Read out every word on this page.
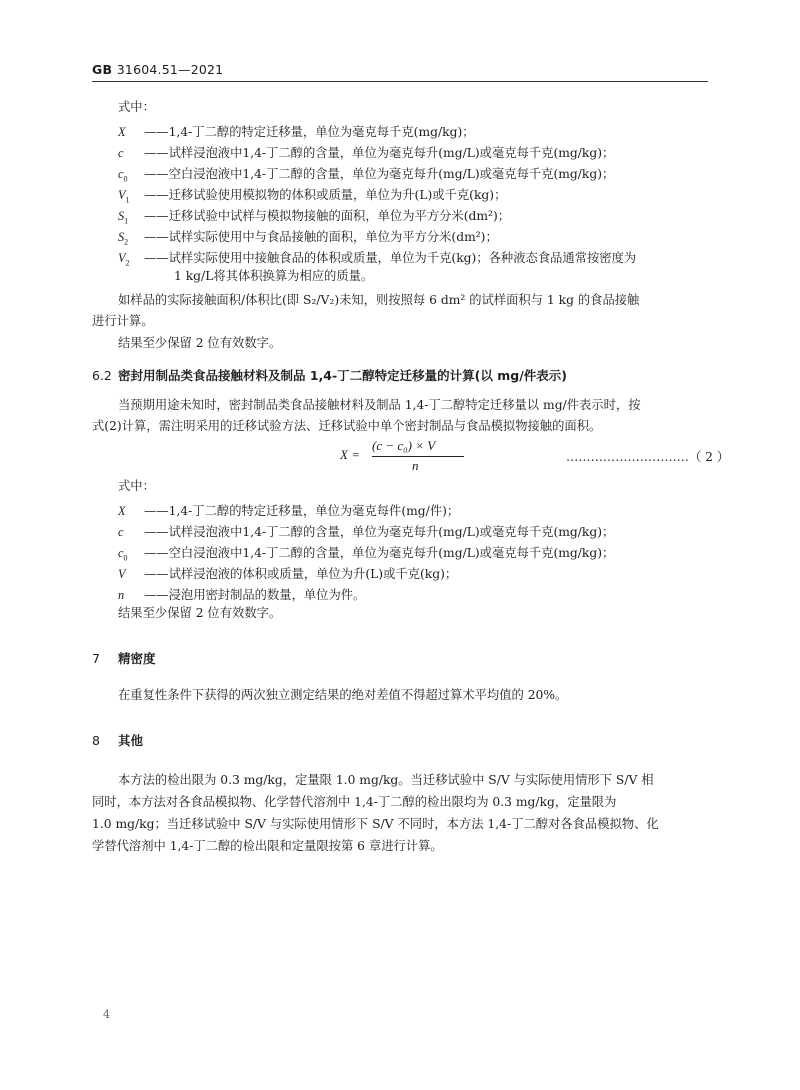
GB 31604.51—2021
式中：
X ——1,4-丁二醇的特定迁移量，单位为毫克每千克(mg/kg)；
c ——试样浸泡液中1,4-丁二醇的含量，单位为毫克每升(mg/L)或毫克每千克(mg/kg)；
$c_0$ ——空白浸泡液中1,4-丁二醇的含量，单位为毫克每升(mg/L)或毫克每千克(mg/kg)；
$V_1$ ——迁移试验使用模拟物的体积或质量，单位为升(L)或千克(kg)；
$S_1$ ——迁移试验中试样与模拟物接触的面积，单位为平方分米(dm²)；
$S_2$ ——试样实际使用中与食品接触的面积，单位为平方分米(dm²)；
$V_2$ ——试样实际使用中接触食品的体积或质量，单位为千克(kg)；各种液态食品通常按密度为
1 kg/L将其体积换算为相应的质量。
如样品的实际接触面积/体积比(即 S₂/V₂)未知，则按照每 6 dm² 的试样面积与 1 kg 的食品接触
进行计算。
结果至少保留 2 位有效数字。
6.2 密封用制品类食品接触材料及制品 1,4-丁二醇特定迁移量的计算(以 mg/件表示)
当预期用途未知时，密封制品类食品接触材料及制品 1,4-丁二醇特定迁移量以 mg/件表示时，按
式(2)计算，需注明采用的迁移试验方法、迁移试验中单个密封制品与食品模拟物接触的面积。
X =
(c − c₀) × V
n
…………………………（ 2 ）
式中：
X ——1,4-丁二醇的特定迁移量，单位为毫克每件(mg/件)；
c ——试样浸泡液中1,4-丁二醇的含量，单位为毫克每升(mg/L)或毫克每千克(mg/kg)；
$c_0$ ——空白浸泡液中1,4-丁二醇的含量，单位为毫克每升(mg/L)或毫克每千克(mg/kg)；
V ——试样浸泡液的体积或质量，单位为升(L)或千克(kg)；
n ——浸泡用密封制品的数量，单位为件。
结果至少保留 2 位有效数字。
7 精密度
在重复性条件下获得的两次独立测定结果的绝对差值不得超过算术平均值的 20%。
8 其他
本方法的检出限为 0.3 mg/kg，定量限 1.0 mg/kg。当迁移试验中 S/V 与实际使用情形下 S/V 相
同时，本方法对各食品模拟物、化学替代溶剂中 1,4-丁二醇的检出限均为 0.3 mg/kg，定量限为
1.0 mg/kg；当迁移试验中 S/V 与实际使用情形下 S/V 不同时，本方法 1,4-丁二醇对各食品模拟物、化
学替代溶剂中 1,4-丁二醇的检出限和定量限按第 6 章进行计算。
4
